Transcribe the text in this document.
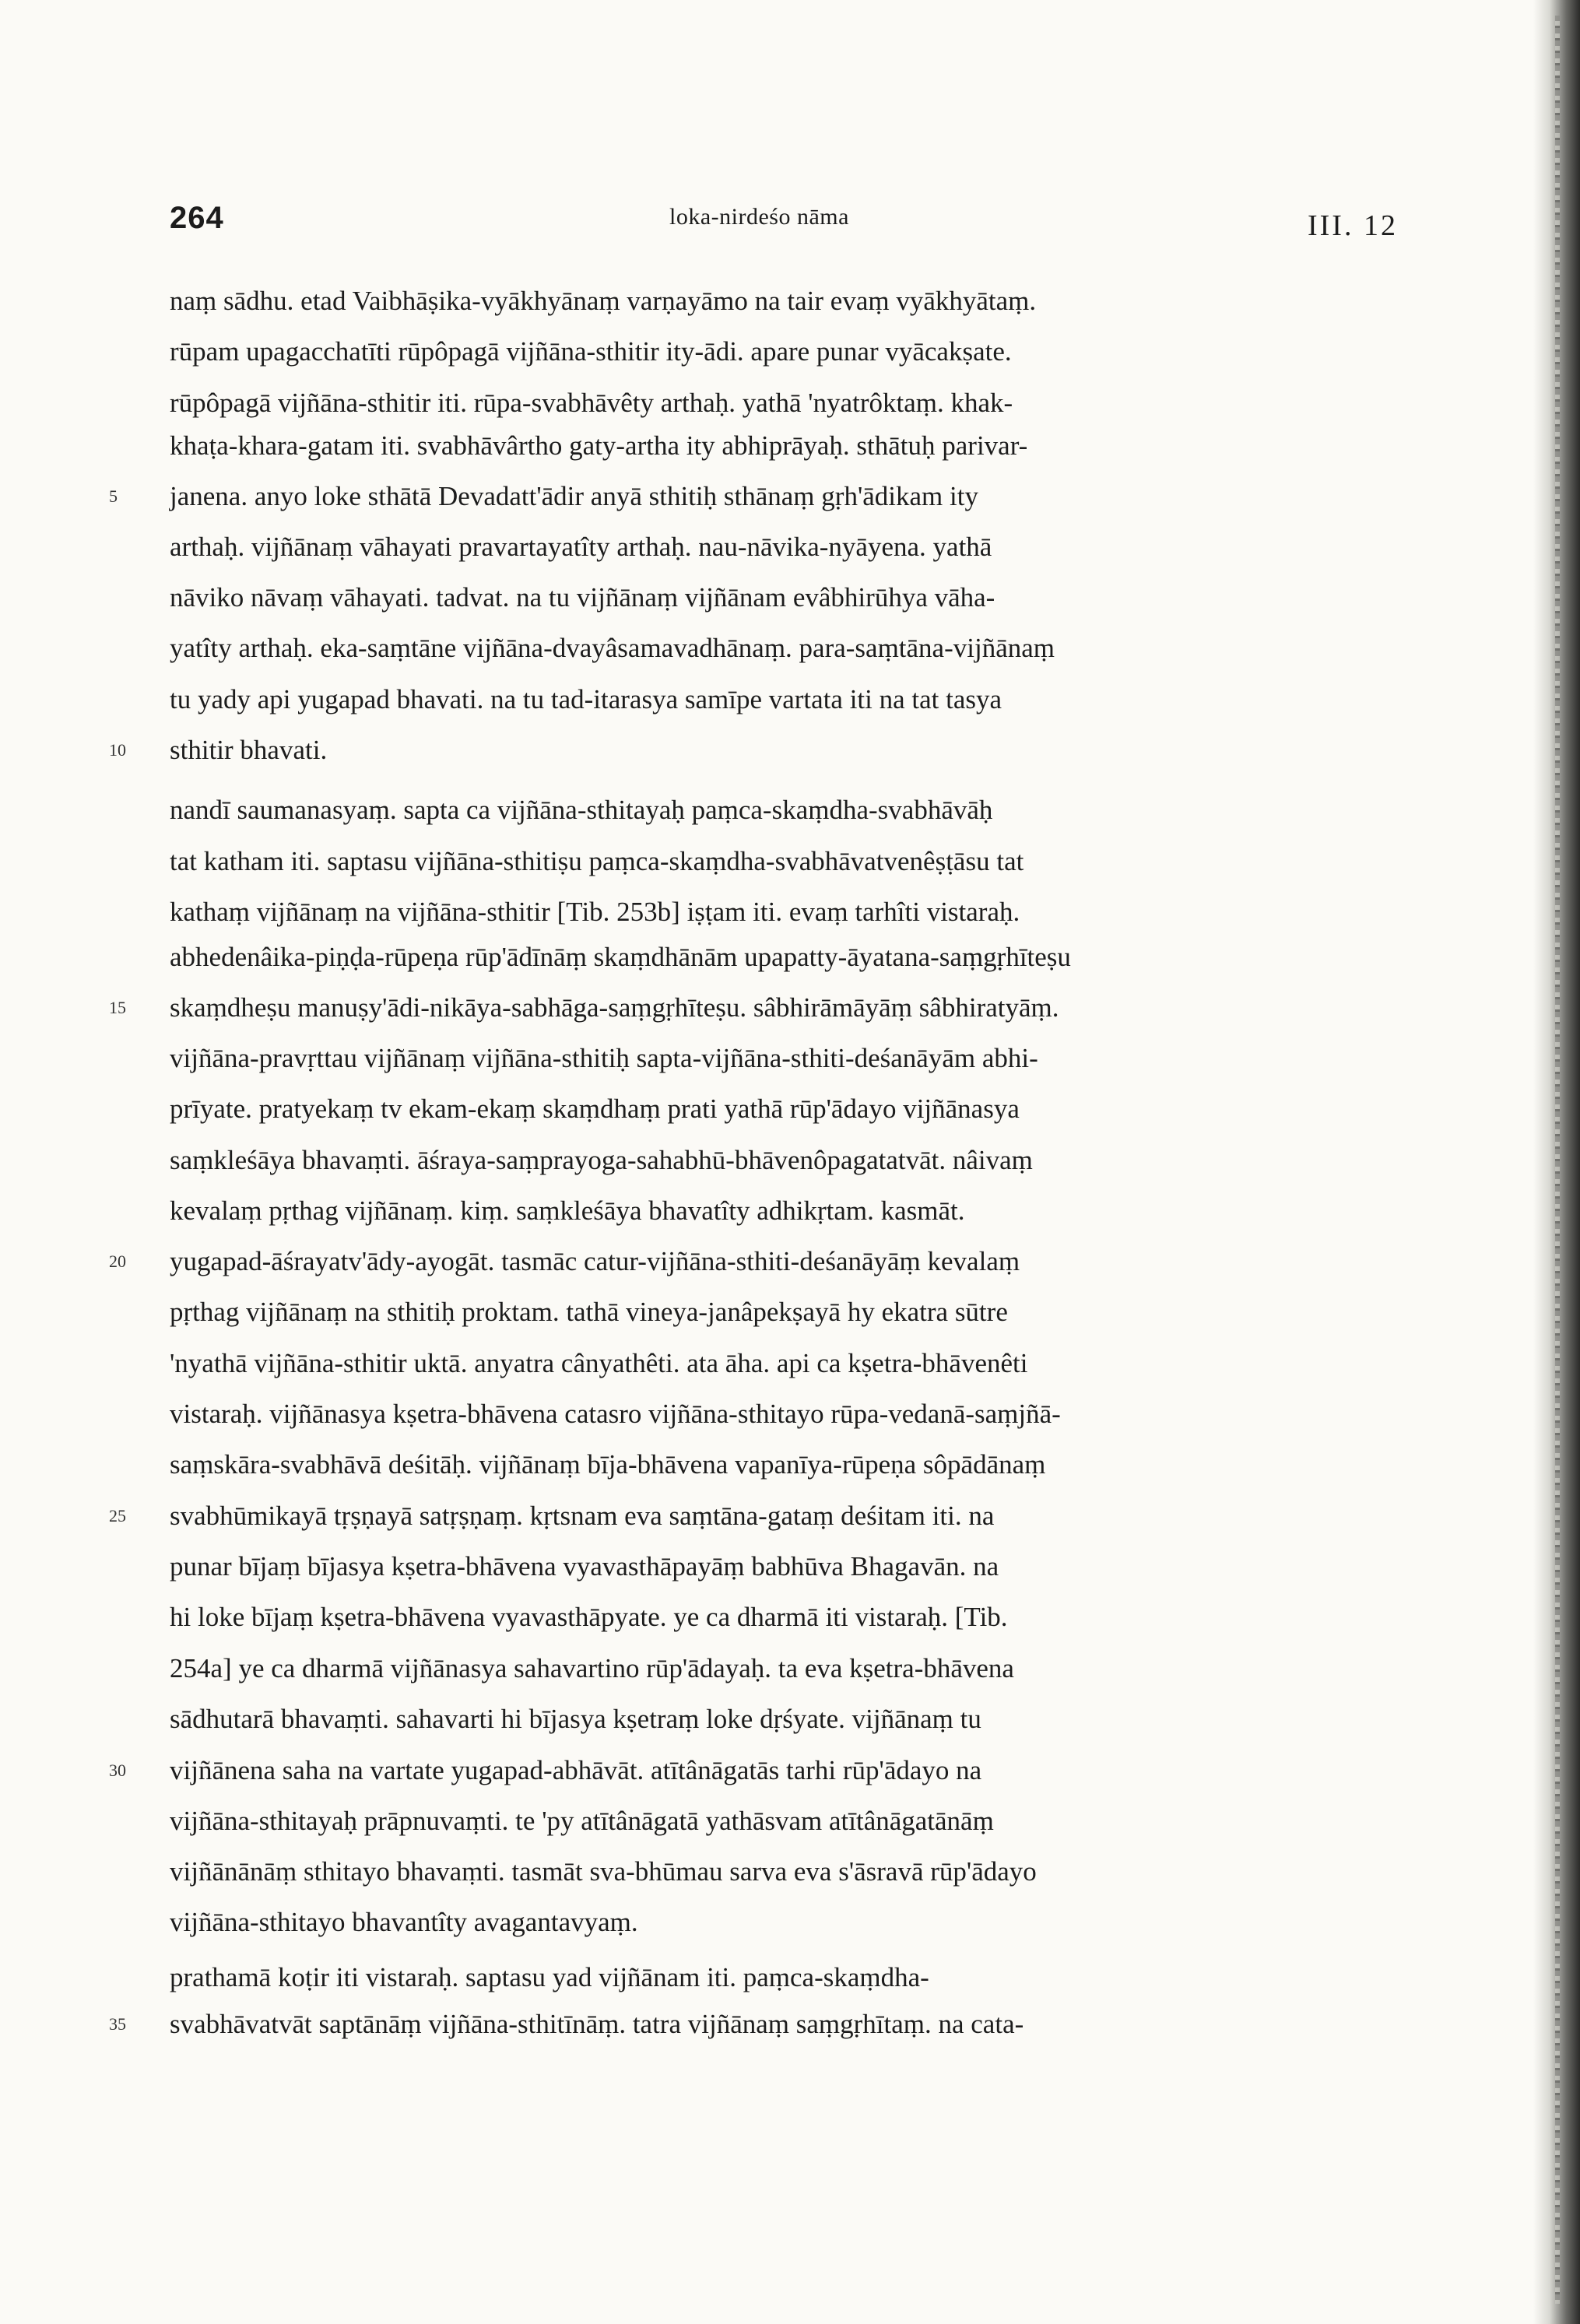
264	loka-nirdeśo nāma	III. 12
5
10
15
20
25
30
35
naṃ sādhu. etad Vaibhāṣika-vyākhyānaṃ varṇayāmo na tair evaṃ vyākhyātaṃ.
rūpam upagacchatīti rūpôpagā vijñāna-sthitir ity-ādi. apare punar vyācakṣate.
rūpôpagā vijñāna-sthitir iti. rūpa-svabhāvêty arthaḥ. yathā 'nyatrôktaṃ. khak-
khaṭa-khara-gatam iti. svabhāvârtho gaty-artha ity abhiprāyaḥ. sthātuḥ parivar-
janena. anyo loke sthātā Devadatt'ādir anyā sthitiḥ sthānaṃ gṛh'ādikam ity
arthaḥ. vijñānaṃ vāhayati pravartayatîty arthaḥ. nau-nāvika-nyāyena. yathā
nāviko nāvaṃ vāhayati. tadvat. na tu vijñānaṃ vijñānam evâbhirūhya vāha-
yatîty arthaḥ. eka-saṃtāne vijñāna-dvayâsamavadhānaṃ. para-saṃtāna-vijñānaṃ
tu yady api yugapad bhavati. na tu tad-itarasya samīpe vartata iti na tat tasya
sthitir bhavati.
nandī saumanasyaṃ. sapta ca vijñāna-sthitayaḥ paṃca-skaṃdha-svabhāvāḥ
tat katham iti. saptasu vijñāna-sthitiṣu paṃca-skaṃdha-svabhāvatvenêṣṭāsu tat
kathaṃ vijñānaṃ na vijñāna-sthitir [Tib. 253b] iṣṭam iti. evaṃ tarhîti vistaraḥ.
abhedenâika-piṇḍa-rūpeṇa rūp'ādīnāṃ skaṃdhānām upapatty-āyatana-saṃgṛhīteṣu
skaṃdheṣu manuṣy'ādi-nikāya-sabhāga-saṃgṛhīteṣu. sâbhirāmāyāṃ sâbhiratyāṃ.
vijñāna-pravṛttau vijñānaṃ vijñāna-sthitiḥ sapta-vijñāna-sthiti-deśanāyām abhi-
prīyate. pratyekaṃ tv ekam-ekaṃ skaṃdhaṃ prati yathā rūp'ādayo vijñānasya
saṃkleśāya bhavaṃti. āśraya-saṃprayoga-sahabhū-bhāvenôpagatatvāt. nâivaṃ
kevalaṃ pṛthag vijñānaṃ. kiṃ. saṃkleśāya bhavatîty adhikṛtam. kasmāt.
yugapad-āśrayatv'ādy-ayogāt. tasmāc catur-vijñāna-sthiti-deśanāyāṃ kevalaṃ
pṛthag vijñānaṃ na sthitiḥ proktam. tathā vineya-janâpekṣayā hy ekatra sūtre
'nyathā vijñāna-sthitir uktā. anyatra cânyathêti. ata āha. api ca kṣetra-bhāvenêti
vistaraḥ. vijñānasya kṣetra-bhāvena catasro vijñāna-sthitayo rūpa-vedanā-saṃjñā-
saṃskāra-svabhāvā deśitāḥ. vijñānaṃ bīja-bhāvena vapanīya-rūpeṇa sôpādānaṃ
svabhūmikayā tṛṣṇayā satṛṣṇaṃ. kṛtsnam eva saṃtāna-gataṃ deśitam iti. na
punar bījaṃ bījasya kṣetra-bhāvena vyavasthāpayāṃ babhūva Bhagavān. na
hi loke bījaṃ kṣetra-bhāvena vyavasthāpyate. ye ca dharmā iti vistaraḥ. [Tib.
254a] ye ca dharmā vijñānasya sahavartino rūp'ādayaḥ. ta eva kṣetra-bhāvena
sādhutarā bhavaṃti. sahavarti hi bījasya kṣetraṃ loke dṛśyate. vijñānaṃ tu
vijñānena saha na vartate yugapad-abhāvāt. atītânāgatās tarhi rūp'ādayo na
vijñāna-sthitayaḥ prāpnuvaṃti. te 'py atītânāgatā yathāsvam atītânāgatānāṃ
vijñānānāṃ sthitayo bhavaṃti. tasmāt sva-bhūmau sarva eva s'āsravā rūp'ādayo
vijñāna-sthitayo bhavantîty avagantavyaṃ.
prathamā koṭir iti vistaraḥ. saptasu yad vijñānam iti. paṃca-skaṃdha-
svabhāvatvāt saptānāṃ vijñāna-sthitīnāṃ. tatra vijñānaṃ saṃgṛhītaṃ. na cata-
